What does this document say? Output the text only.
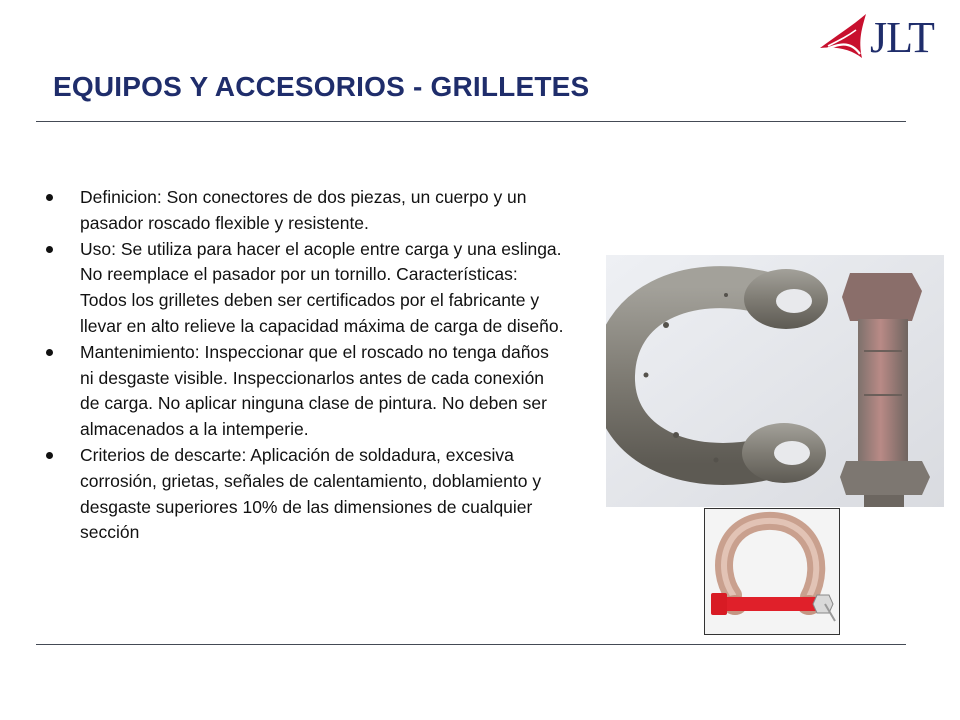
JLT
EQUIPOS Y ACCESORIOS - GRILLETES
Definicion: Son conectores de dos piezas, un cuerpo y un pasador roscado flexible y resistente.
Uso: Se utiliza para hacer el acople entre carga y una eslinga. No reemplace el pasador por un tornillo. Características: Todos los grilletes deben ser certificados por el fabricante y llevar en alto relieve la capacidad máxima de carga de diseño.
Mantenimiento: Inspeccionar que el roscado no tenga daños ni desgaste visible. Inspeccionarlos antes de cada conexión de carga. No aplicar ninguna clase de pintura. No deben ser almacenados a la intemperie.
Criterios de descarte: Aplicación de soldadura, excesiva corrosión, grietas, señales de calentamiento, doblamiento y desgaste superiores 10% de las dimensiones de cualquier sección
